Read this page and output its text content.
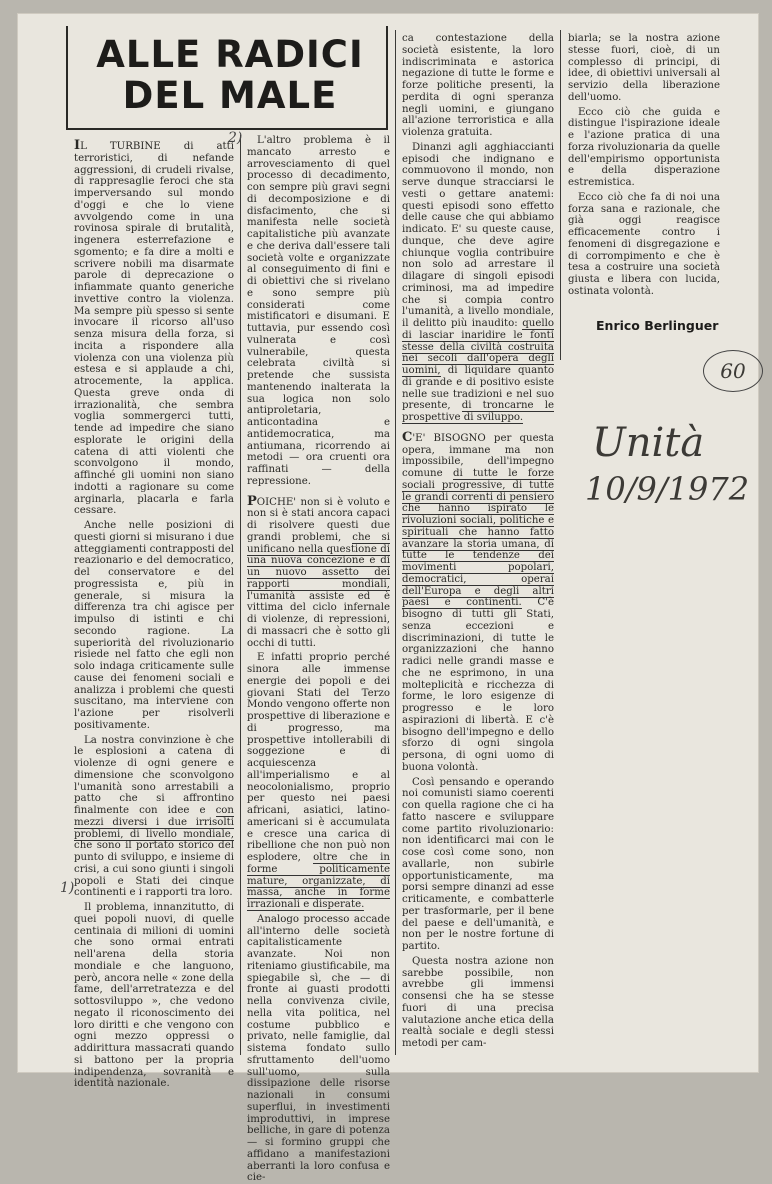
ALLE RADICI
DEL MALE

IL TURBINE di atti terroristici, di nefande aggressioni, di crudeli rivalse, di rappresaglie feroci che sta imperversando sul mondo d'oggi e che lo viene avvolgendo come in una rovinosa spirale di brutalità, ingenera esterrefazione e sgomento; e fa dire a molti e scrivere nobili ma disarmate parole di deprecazione o infiammate quanto generiche invettive contro la violenza. Ma sempre più spesso si sente invocare il ricorso all'uso senza misura della forza, si incita a rispondere alla violenza con una violenza più estesa e si applaude a chi, atrocemente, la applica. Questa greve onda di irrazionalità, che sembra voglia sommergerci tutti, tende ad impedire che siano esplorate le origini della catena di atti violenti che sconvolgono il mondo, affinché gli uomini non siano indotti a ragionare su come arginarla, placarla e farla cessare.

Anche nelle posizioni di questi giorni si misurano i due atteggiamenti contrapposti del reazionario e del democratico, del conservatore e del progressista e, più in generale, si misura la differenza tra chi agisce per impulso di istinti e chi secondo ragione. La superiorità del rivoluzionario risiede nel fatto che egli non solo indaga criticamente sulle cause dei fenomeni sociali e analizza i problemi che questi suscitano, ma interviene con l'azione per risolverli positivamente.

La nostra convinzione è che le esplosioni a catena di violenze di ogni genere e dimensione che sconvolgono l'umanità sono arrestabili a patto che si affrontino finalmente con idee e con mezzi diversi i due irrisolti problemi, di livello mondiale, che sono il portato storico del punto di sviluppo, e insieme di crisi, a cui sono giunti i singoli popoli e Stati dei cinque continenti e i rapporti tra loro.

Il problema, innanzitutto, di quei popoli nuovi, di quelle centinaia di milioni di uomini che sono ormai entrati nell'arena della storia mondiale e che languono, però, ancora nelle « zone della fame, dell'arretratezza e del sottosviluppo », che vedono negato il riconoscimento dei loro diritti e che vengono con ogni mezzo oppressi o addirittura massacrati quando si battono per la propria indipendenza, sovranità e identità nazionale.

L'altro problema è il mancato arresto e arrovesciamento di quel processo di decadimento, con sempre più gravi segni di decomposizione e di disfacimento, che si manifesta nelle società capitalistiche più avanzate e che deriva dall'essere tali società volte e organizzate al conseguimento di fini e di obiettivi che si rivelano e sono sempre più considerati come mistificatori e disumani. E tuttavia, pur essendo così vulnerata e così vulnerabile, questa celebrata civiltà si pretende che sussista mantenendo inalterata la sua logica non solo antiproletaria, anticontadina e antidemocratica, ma antiumana, ricorrendo ai metodi — ora cruenti ora raffinati — della repressione.

POICHE' non si è voluto e non si è stati ancora capaci di risolvere questi due grandi problemi, che si unificano nella questione di una nuova concezione e di un nuovo assetto dei rapporti mondiali, l'umanità assiste ed è vittima del ciclo infernale di violenze, di repressioni, di massacri che è sotto gli occhi di tutti.

E infatti proprio perché sinora alle immense energie dei popoli e dei giovani Stati del Terzo Mondo vengono offerte non prospettive di liberazione e di progresso, ma prospettive intollerabili di soggezione e di acquiescenza all'imperialismo e al neocolonialismo, proprio per questo nei paesi africani, asiatici, latino-americani si è accumulata e cresce una carica di ribellione che non può non esplodere, oltre che in forme politicamente mature, organizzate, di massa, anche in forme irrazionali e disperate.

Analogo processo accade all'interno delle società capitalisticamente avanzate. Noi non riteniamo giustificabile, ma spiegabile sì, che — di fronte ai guasti prodotti nella convivenza civile, nella vita politica, nel costume pubblico e privato, nelle famiglie, dal sistema fondato sullo sfruttamento dell'uomo sull'uomo, sulla dissipazione delle risorse nazionali in consumi superflui, in investimenti improduttivi, in imprese belliche, in gare di potenza — si formino gruppi che affidano a manifestazioni aberranti la loro confusa e cie-

ca contestazione della società esistente, la loro indiscriminata e astorica negazione di tutte le forme e forze politiche presenti, la perdita di ogni speranza negli uomini, e giungano all'azione terroristica e alla violenza gratuita.

Dinanzi agli agghiaccianti episodi che indignano e commuovono il mondo, non serve dunque stracciarsi le vesti o gettare anatemi: questi episodi sono effetto delle cause che qui abbiamo indicato. E' su queste cause, dunque, che deve agire chiunque voglia contribuire non solo ad arrestare il dilagare di singoli episodi criminosi, ma ad impedire che si compia contro l'umanità, a livello mondiale, il delitto più inaudito: quello di lasciar inaridire le fonti stesse della civiltà costruita nei secoli dall'opera degli uomini, di liquidare quanto di grande e di positivo esiste nelle sue tradizioni e nel suo presente, di troncarne le prospettive di sviluppo.

C'E' BISOGNO per questa opera, immane ma non impossibile, dell'impegno comune di tutte le forze sociali progressive, di tutte le grandi correnti di pensiero che hanno ispirato le rivoluzioni sociali, politiche e spirituali che hanno fatto avanzare la storia umana, di tutte le tendenze dei movimenti popolari, democratici, operai dell'Europa e degli altri paesi e continenti. C'è bisogno di tutti gli Stati, senza eccezioni e discriminazioni, di tutte le organizzazioni che hanno radici nelle grandi masse e che ne esprimono, in una molteplicità e ricchezza di forme, le loro esigenze di progresso e le loro aspirazioni di libertà. E c'è bisogno dell'impegno e dello sforzo di ogni singola persona, di ogni uomo di buona volontà.

Così pensando e operando noi comunisti siamo coerenti con quella ragione che ci ha fatto nascere e sviluppare come partito rivoluzionario: non identificarci mai con le cose così come sono, non avallarle, non subirle opportunisticamente, ma porsi sempre dinanzi ad esse criticamente, e combatterle per trasformarle, per il bene del paese e dell'umanità, e non per le nostre fortune di partito.

Questa nostra azione non sarebbe possibile, non avrebbe gli immensi consensi che ha se stesse fuori di una precisa valutazione anche etica della realtà sociale e degli stessi metodi per cam-

biarla; se la nostra azione stesse fuori, cioè, di un complesso di principi, di idee, di obiettivi universali al servizio della liberazione dell'uomo.

Ecco ciò che guida e distingue l'ispirazione ideale e l'azione pratica di una forza rivoluzionaria da quelle dell'empirismo opportunista e della disperazione estremistica.

Ecco ciò che fa di noi una forza sana e razionale, che già oggi reagisce efficacemente contro i fenomeni di disgregazione e di corrompimento e che è tesa a costruire una società giusta e libera con lucida, ostinata volontà.

Enrico Berlinguer
60
Unità
10/9/1972
2)
1)
